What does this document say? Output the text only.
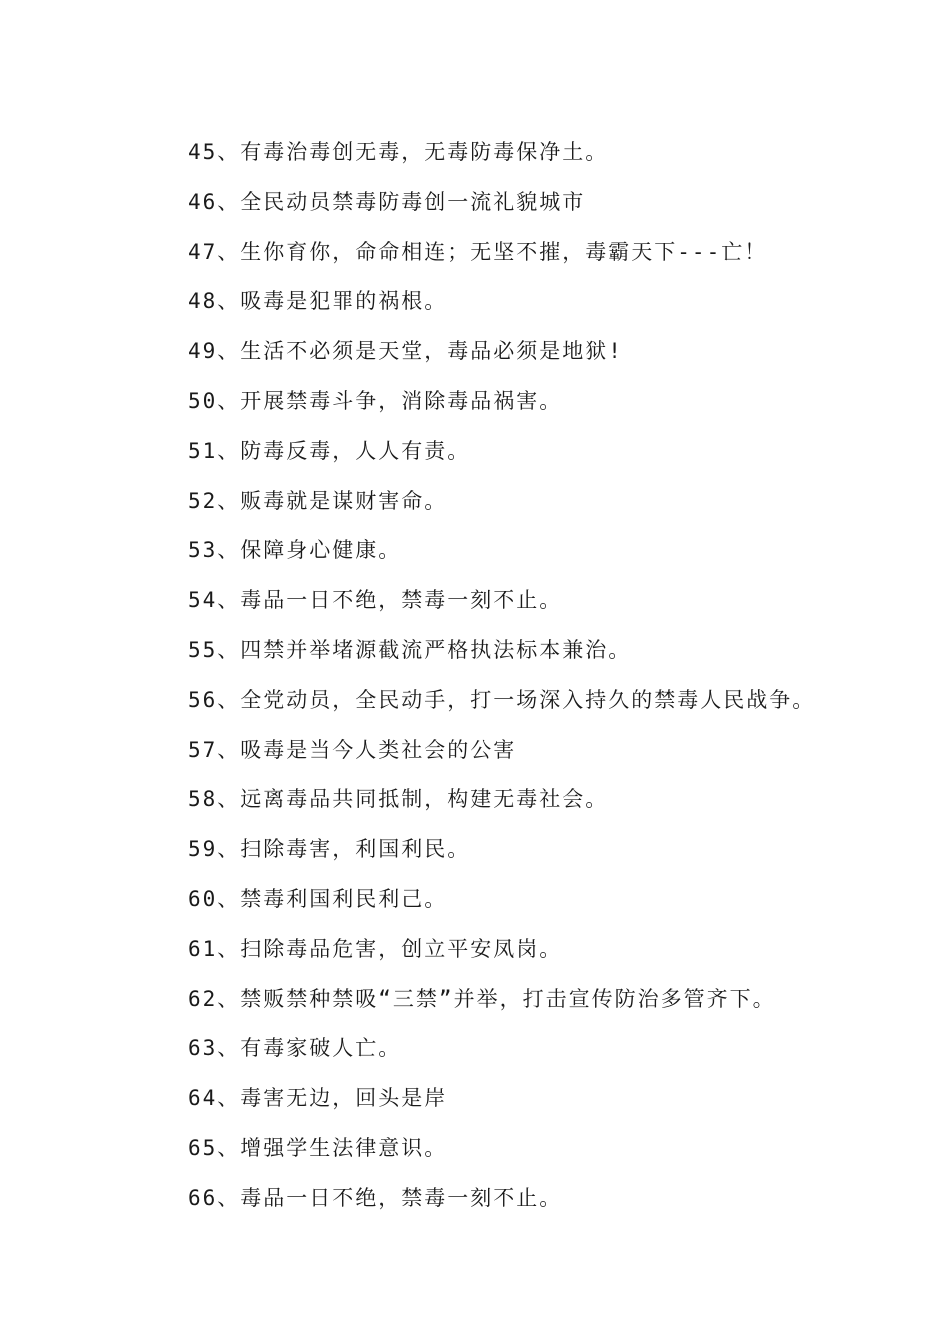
45、有毒治毒创无毒，无毒防毒保净土。
46、全民动员禁毒防毒创一流礼貌城市
47、生你育你，命命相连；无坚不摧，毒霸天下---亡！
48、吸毒是犯罪的祸根。
49、生活不必须是天堂，毒品必须是地狱!
50、开展禁毒斗争，消除毒品祸害。
51、防毒反毒，人人有责。
52、贩毒就是谋财害命。
53、保障身心健康。
54、毒品一日不绝，禁毒一刻不止。
55、四禁并举堵源截流严格执法标本兼治。
56、全党动员，全民动手，打一场深入持久的禁毒人民战争。
57、吸毒是当今人类社会的公害
58、远离毒品共同抵制，构建无毒社会。
59、扫除毒害，利国利民。
60、禁毒利国利民利己。
61、扫除毒品危害，创立平安凤岗。
62、禁贩禁种禁吸“三禁”并举，打击宣传防治多管齐下。
63、有毒家破人亡。
64、毒害无边，回头是岸
65、增强学生法律意识。
66、毒品一日不绝，禁毒一刻不止。
